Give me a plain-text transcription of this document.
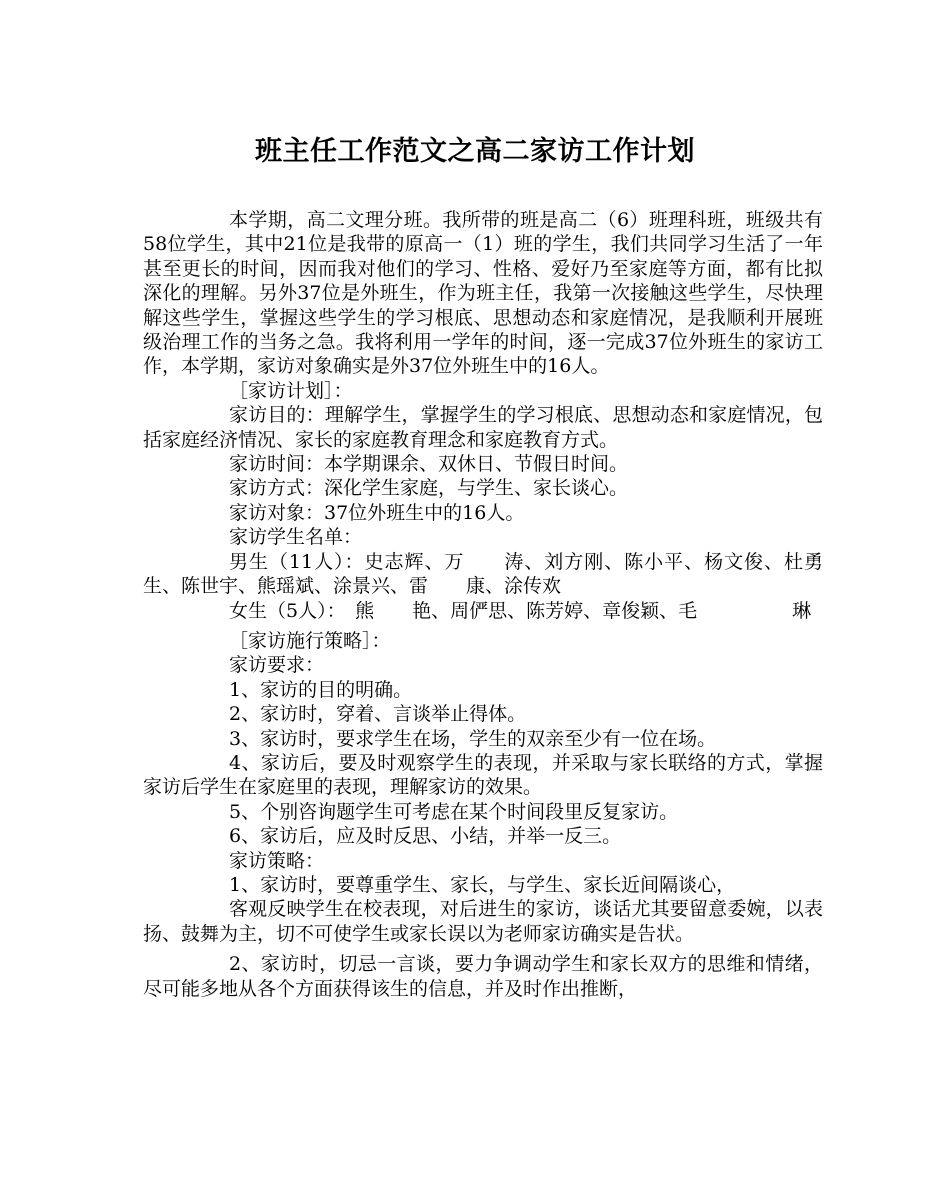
班主任工作范文之高二家访工作计划

本学期，高二文理分班。我所带的班是高二（6）班理科班，班级共有58位学生，其中21位是我带的原高一（1）班的学生，我们共同学习生活了一年甚至更长的时间，因而我对他们的学习、性格、爱好乃至家庭等方面，都有比拟深化的理解。另外37位是外班生，作为班主任，我第一次接触这些学生，尽快理解这些学生，掌握这些学生的学习根底、思想动态和家庭情况，是我顺利开展班级治理工作的当务之急。我将利用一学年的时间，逐一完成37位外班生的家访工作，本学期，家访对象确实是外37位外班生中的16人。

［家访计划］：

家访目的：理解学生，掌握学生的学习根底、思想动态和家庭情况，包括家庭经济情况、家长的家庭教育理念和家庭教育方式。

家访时间：本学期课余、双休日、节假日时间。

家访方式：深化学生家庭，与学生、家长谈心。

家访对象：37位外班生中的16人。

家访学生名单：

男生（11人）：史志辉、万　　涛、刘方刚、陈小平、杨文俊、杜勇生、陈世宇、熊瑶斌、涂景兴、雷　　康、涂传欢

女生（5人）：　熊　　艳、周俨思、陈芳婷、章俊颖、毛　　　　　琳

［家访施行策略］：

家访要求：

1、家访的目的明确。

2、家访时，穿着、言谈举止得体。

3、家访时，要求学生在场，学生的双亲至少有一位在场。

4、家访后，要及时观察学生的表现，并采取与家长联络的方式，掌握家访后学生在家庭里的表现，理解家访的效果。

5、个别咨询题学生可考虑在某个时间段里反复家访。

6、家访后，应及时反思、小结，并举一反三。

家访策略：

1、家访时，要尊重学生、家长，与学生、家长近间隔谈心，

客观反映学生在校表现，对后进生的家访，谈话尤其要留意委婉，以表扬、鼓舞为主，切不可使学生或家长误以为老师家访确实是告状。

2、家访时，切忌一言谈，要力争调动学生和家长双方的思维和情绪，尽可能多地从各个方面获得该生的信息，并及时作出推断，
